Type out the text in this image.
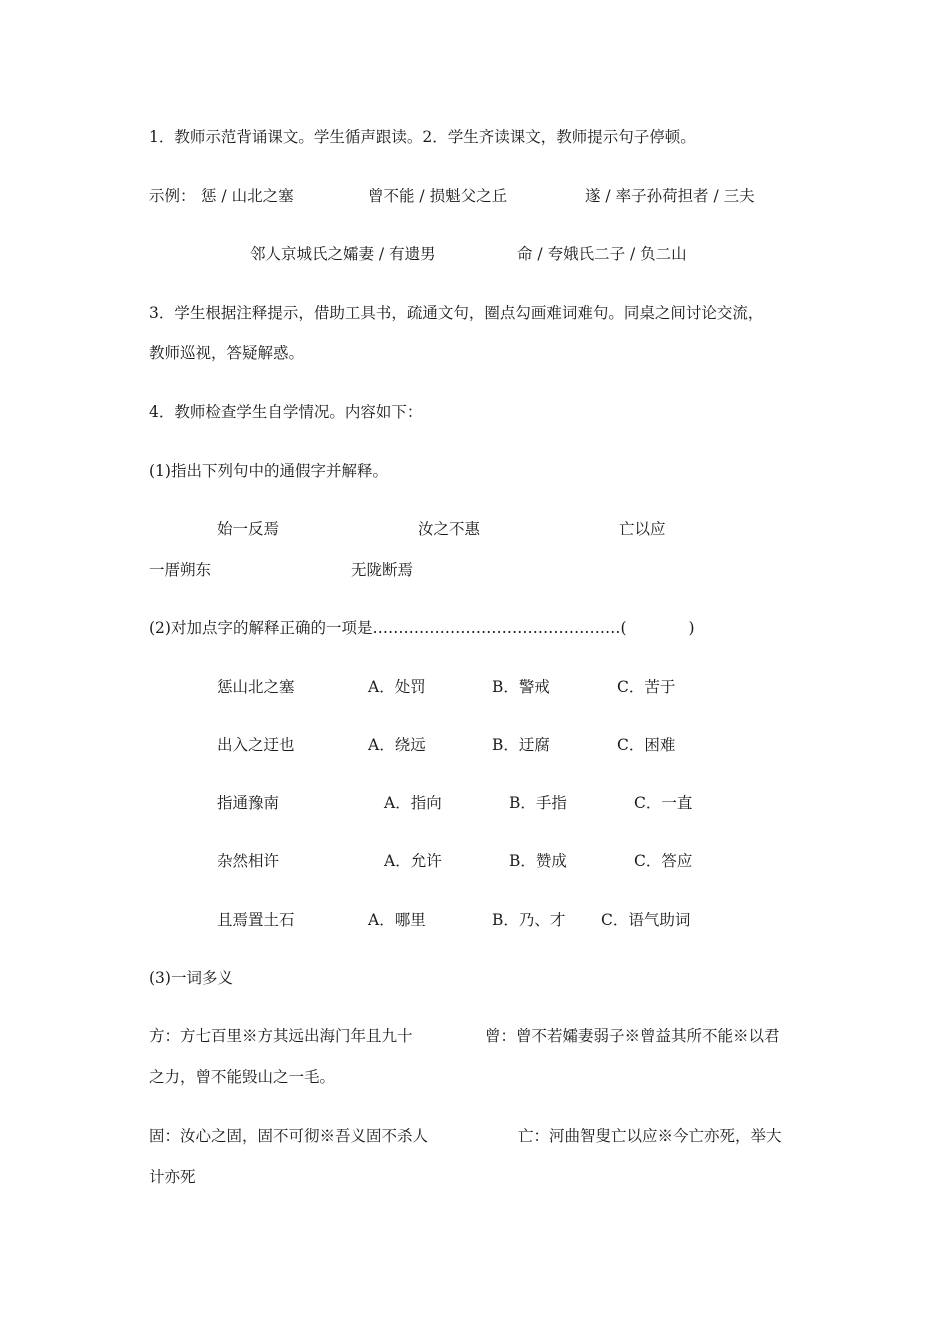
1．教师示范背诵课文。学生循声跟读。2．学生齐读课文，教师提示句子停顿。
示例： 惩 / 山北之塞	曾不能 / 损魁父之丘	遂 / 率子孙荷担者 / 三夫
邻人京城氏之孀妻 / 有遗男	命 / 夸娥氏二子 / 负二山
3．学生根据注释提示，借助工具书，疏通文句，圈点勾画难词难句。同桌之间讨论交流，
教师巡视，答疑解惑。
4．教师检查学生自学情况。内容如下：
(1)指出下列句中的通假字并解释。
始一反焉	汝之不惠	亡以应
一厝朔东	无陇断焉
(2)对加点字的解释正确的一项是…………………………………………(	)
惩山北之塞	A．处罚	B．警戒	C．苦于
出入之迂也	A．绕远	B．迂腐	C．困难
指通豫南	A．指向	B．手指	C．一直
杂然相许	A．允许	B．赞成	C．答应
且焉置土石	A．哪里	B．乃、才 C．语气助词
(3)一词多义
方：方七百里※方其远出海门年且九十	曾：曾不若孀妻弱子※曾益其所不能※以君
之力，曾不能毁山之一毛。
固：汝心之固，固不可彻※吾义固不杀人	亡：河曲智叟亡以应※今亡亦死，举大
计亦死
